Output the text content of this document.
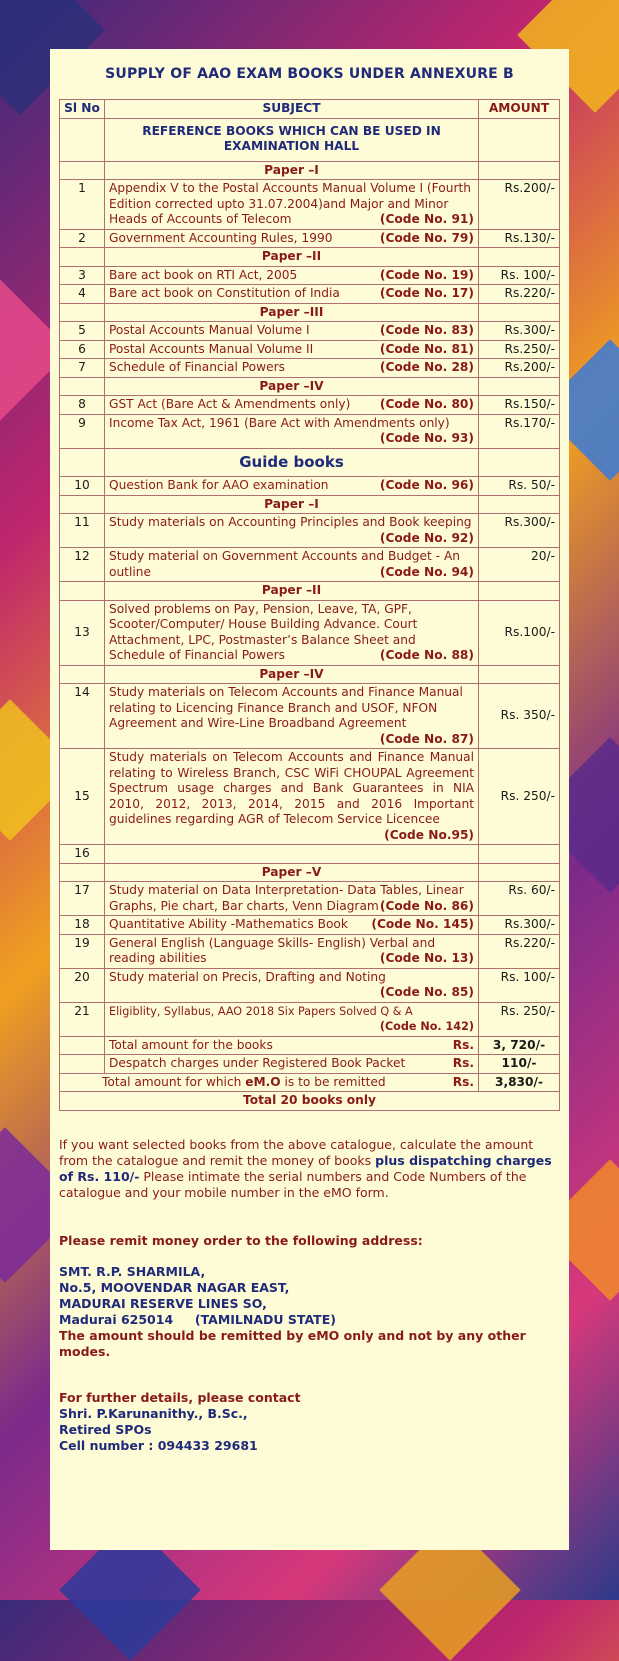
SUPPLY OF AAO EXAM BOOKS UNDER ANNEXURE B
Sl No	SUBJECT	AMOUNT
	REFERENCE BOOKS WHICH CAN BE USED IN EXAMINATION HALL	
	Paper –I	
1	Appendix V to the Postal Accounts Manual Volume I (Fourth Edition corrected upto 31.07.2004)and Major and Minor Heads of Accounts of Telecom (Code No. 91)	Rs.200/-
2	Government Accounting Rules, 1990 (Code No. 79)	Rs.130/-
	Paper –II	
3	Bare act book on RTI Act, 2005 (Code No. 19)	Rs. 100/-
4	Bare act book on Constitution of India (Code No. 17)	Rs.220/-
	Paper –III	
5	Postal Accounts Manual Volume I (Code No. 83)	Rs.300/-
6	Postal Accounts Manual Volume II (Code No. 81)	Rs.250/-
7	Schedule of Financial Powers (Code No. 28)	Rs.200/-
	Paper –IV	
8	GST Act (Bare Act & Amendments only) (Code No. 80)	Rs.150/-
9	Income Tax Act, 1961 (Bare Act with Amendments only)
(Code No. 93)	Rs.170/-
	Guide books	
10	Question Bank for AAO examination (Code No. 96)	Rs. 50/-
	Paper –I	
11	Study materials on Accounting Principles and Book keeping
(Code No. 92)	Rs.300/-
12	Study material on Government Accounts and Budget - An outline (Code No. 94)	20/-
	Paper –II	
13	Solved problems on Pay, Pension, Leave, TA, GPF, Scooter/Computer/ House Building Advance. Court Attachment, LPC, Postmaster’s Balance Sheet and Schedule of Financial Powers (Code No. 88)	Rs.100/-
	Paper –IV	
14	Study materials on Telecom Accounts and Finance Manual relating to Licencing Finance Branch and USOF, NFON Agreement and Wire-Line Broadband Agreement
(Code No. 87)	Rs. 350/-
15	Study materials on Telecom Accounts and Finance Manual relating to Wireless Branch, CSC WiFi CHOUPAL Agreement Spectrum usage charges and Bank Guarantees in NIA 2010, 2012, 2013, 2014, 2015 and 2016 Important guidelines regarding AGR of Telecom Service Licencee
(Code No.95)	Rs. 250/-
16		
	Paper –V	
17	Study material on Data Interpretation- Data Tables, Linear Graphs, Pie chart, Bar charts, Venn Diagram (Code No. 86)	Rs. 60/-
18	Quantitative Ability -Mathematics Book (Code No. 145)	Rs.300/-
19	General English (Language Skills- English) Verbal and reading abilities (Code No. 13)	Rs.220/-
20	Study material on Precis, Drafting and Noting
(Code No. 85)	Rs. 100/-
21	Eligiblity, Syllabus, AAO 2018 Six Papers Solved Q & A
(Code No. 142)	Rs. 250/-
	Total amount for the books Rs.	3, 720/-
	Despatch charges under Registered Book Packet Rs.	110/-
Total amount for which eM.O is to be remitted Rs.		3,830/-
Total 20 books only		
If you want selected books from the above catalogue, calculate the amount from the catalogue and remit the money of books plus dispatching charges of Rs. 110/- Please intimate the serial numbers and Code Numbers of the catalogue and your mobile number in the eMO form.
Please remit money order to the following address:
SMT. R.P. SHARMILA,
No.5, MOOVENDAR NAGAR EAST,
MADURAI RESERVE LINES SO,
Madurai 625014     (TAMILNADU STATE)
The amount should be remitted by eMO only and not by any other modes.
For further details, please contact
Shri. P.Karunanithy., B.Sc.,
Retired SPOs
Cell number : 094433 29681
